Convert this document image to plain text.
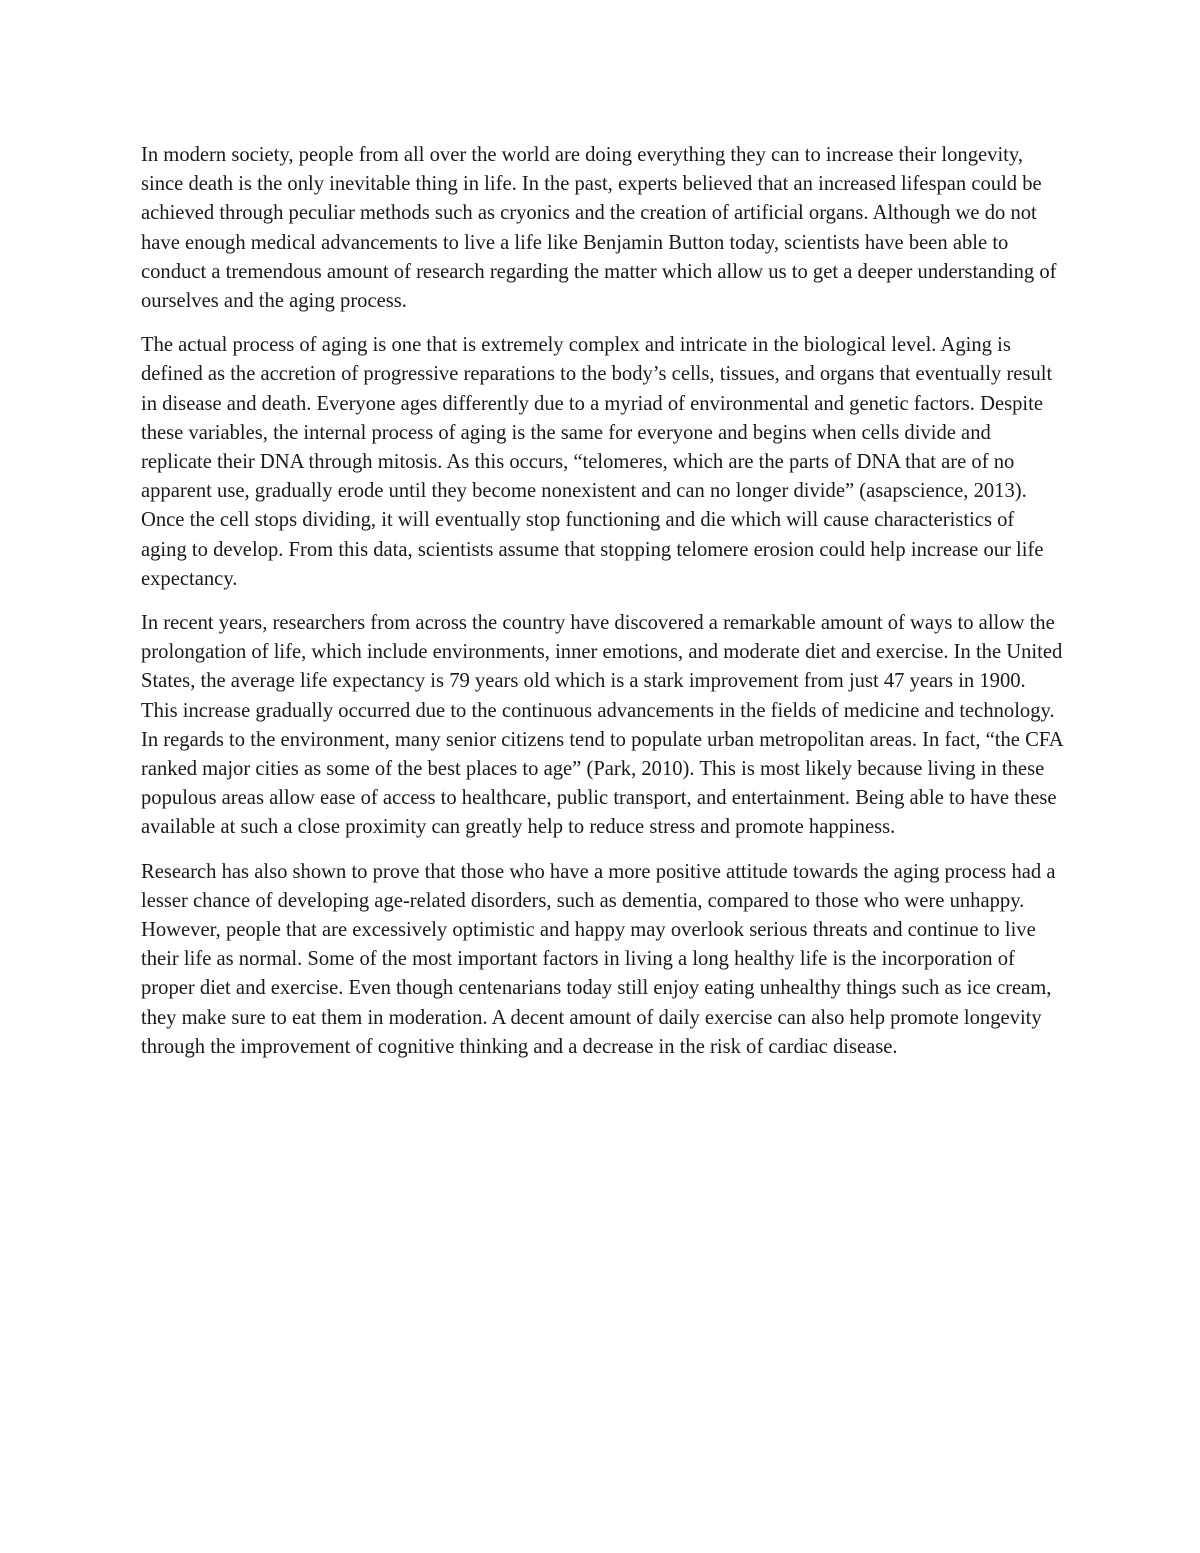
In modern society, people from all over the world are doing everything they can to increase their longevity, since death is the only inevitable thing in life. In the past, experts believed that an increased lifespan could be achieved through peculiar methods such as cryonics and the creation of artificial organs. Although we do not have enough medical advancements to live a life like Benjamin Button today, scientists have been able to conduct a tremendous amount of research regarding the matter which allow us to get a deeper understanding of ourselves and the aging process.

The actual process of aging is one that is extremely complex and intricate in the biological level. Aging is defined as the accretion of progressive reparations to the body’s cells, tissues, and organs that eventually result in disease and death. Everyone ages differently due to a myriad of environmental and genetic factors. Despite these variables, the internal process of aging is the same for everyone and begins when cells divide and replicate their DNA through mitosis. As this occurs, “telomeres, which are the parts of DNA that are of no apparent use, gradually erode until they become nonexistent and can no longer divide” (asapscience, 2013). Once the cell stops dividing, it will eventually stop functioning and die which will cause characteristics of aging to develop. From this data, scientists assume that stopping telomere erosion could help increase our life expectancy.

In recent years, researchers from across the country have discovered a remarkable amount of ways to allow the prolongation of life, which include environments, inner emotions, and moderate diet and exercise. In the United States, the average life expectancy is 79 years old which is a stark improvement from just 47 years in 1900. This increase gradually occurred due to the continuous advancements in the fields of medicine and technology. In regards to the environment, many senior citizens tend to populate urban metropolitan areas. In fact, “the CFA ranked major cities as some of the best places to age” (Park, 2010). This is most likely because living in these populous areas allow ease of access to healthcare, public transport, and entertainment. Being able to have these available at such a close proximity can greatly help to reduce stress and promote happiness.

Research has also shown to prove that those who have a more positive attitude towards the aging process had a lesser chance of developing age-related disorders, such as dementia, compared to those who were unhappy. However, people that are excessively optimistic and happy may overlook serious threats and continue to live their life as normal. Some of the most important factors in living a long healthy life is the incorporation of proper diet and exercise. Even though centenarians today still enjoy eating unhealthy things such as ice cream, they make sure to eat them in moderation. A decent amount of daily exercise can also help promote longevity through the improvement of cognitive thinking and a decrease in the risk of cardiac disease.
